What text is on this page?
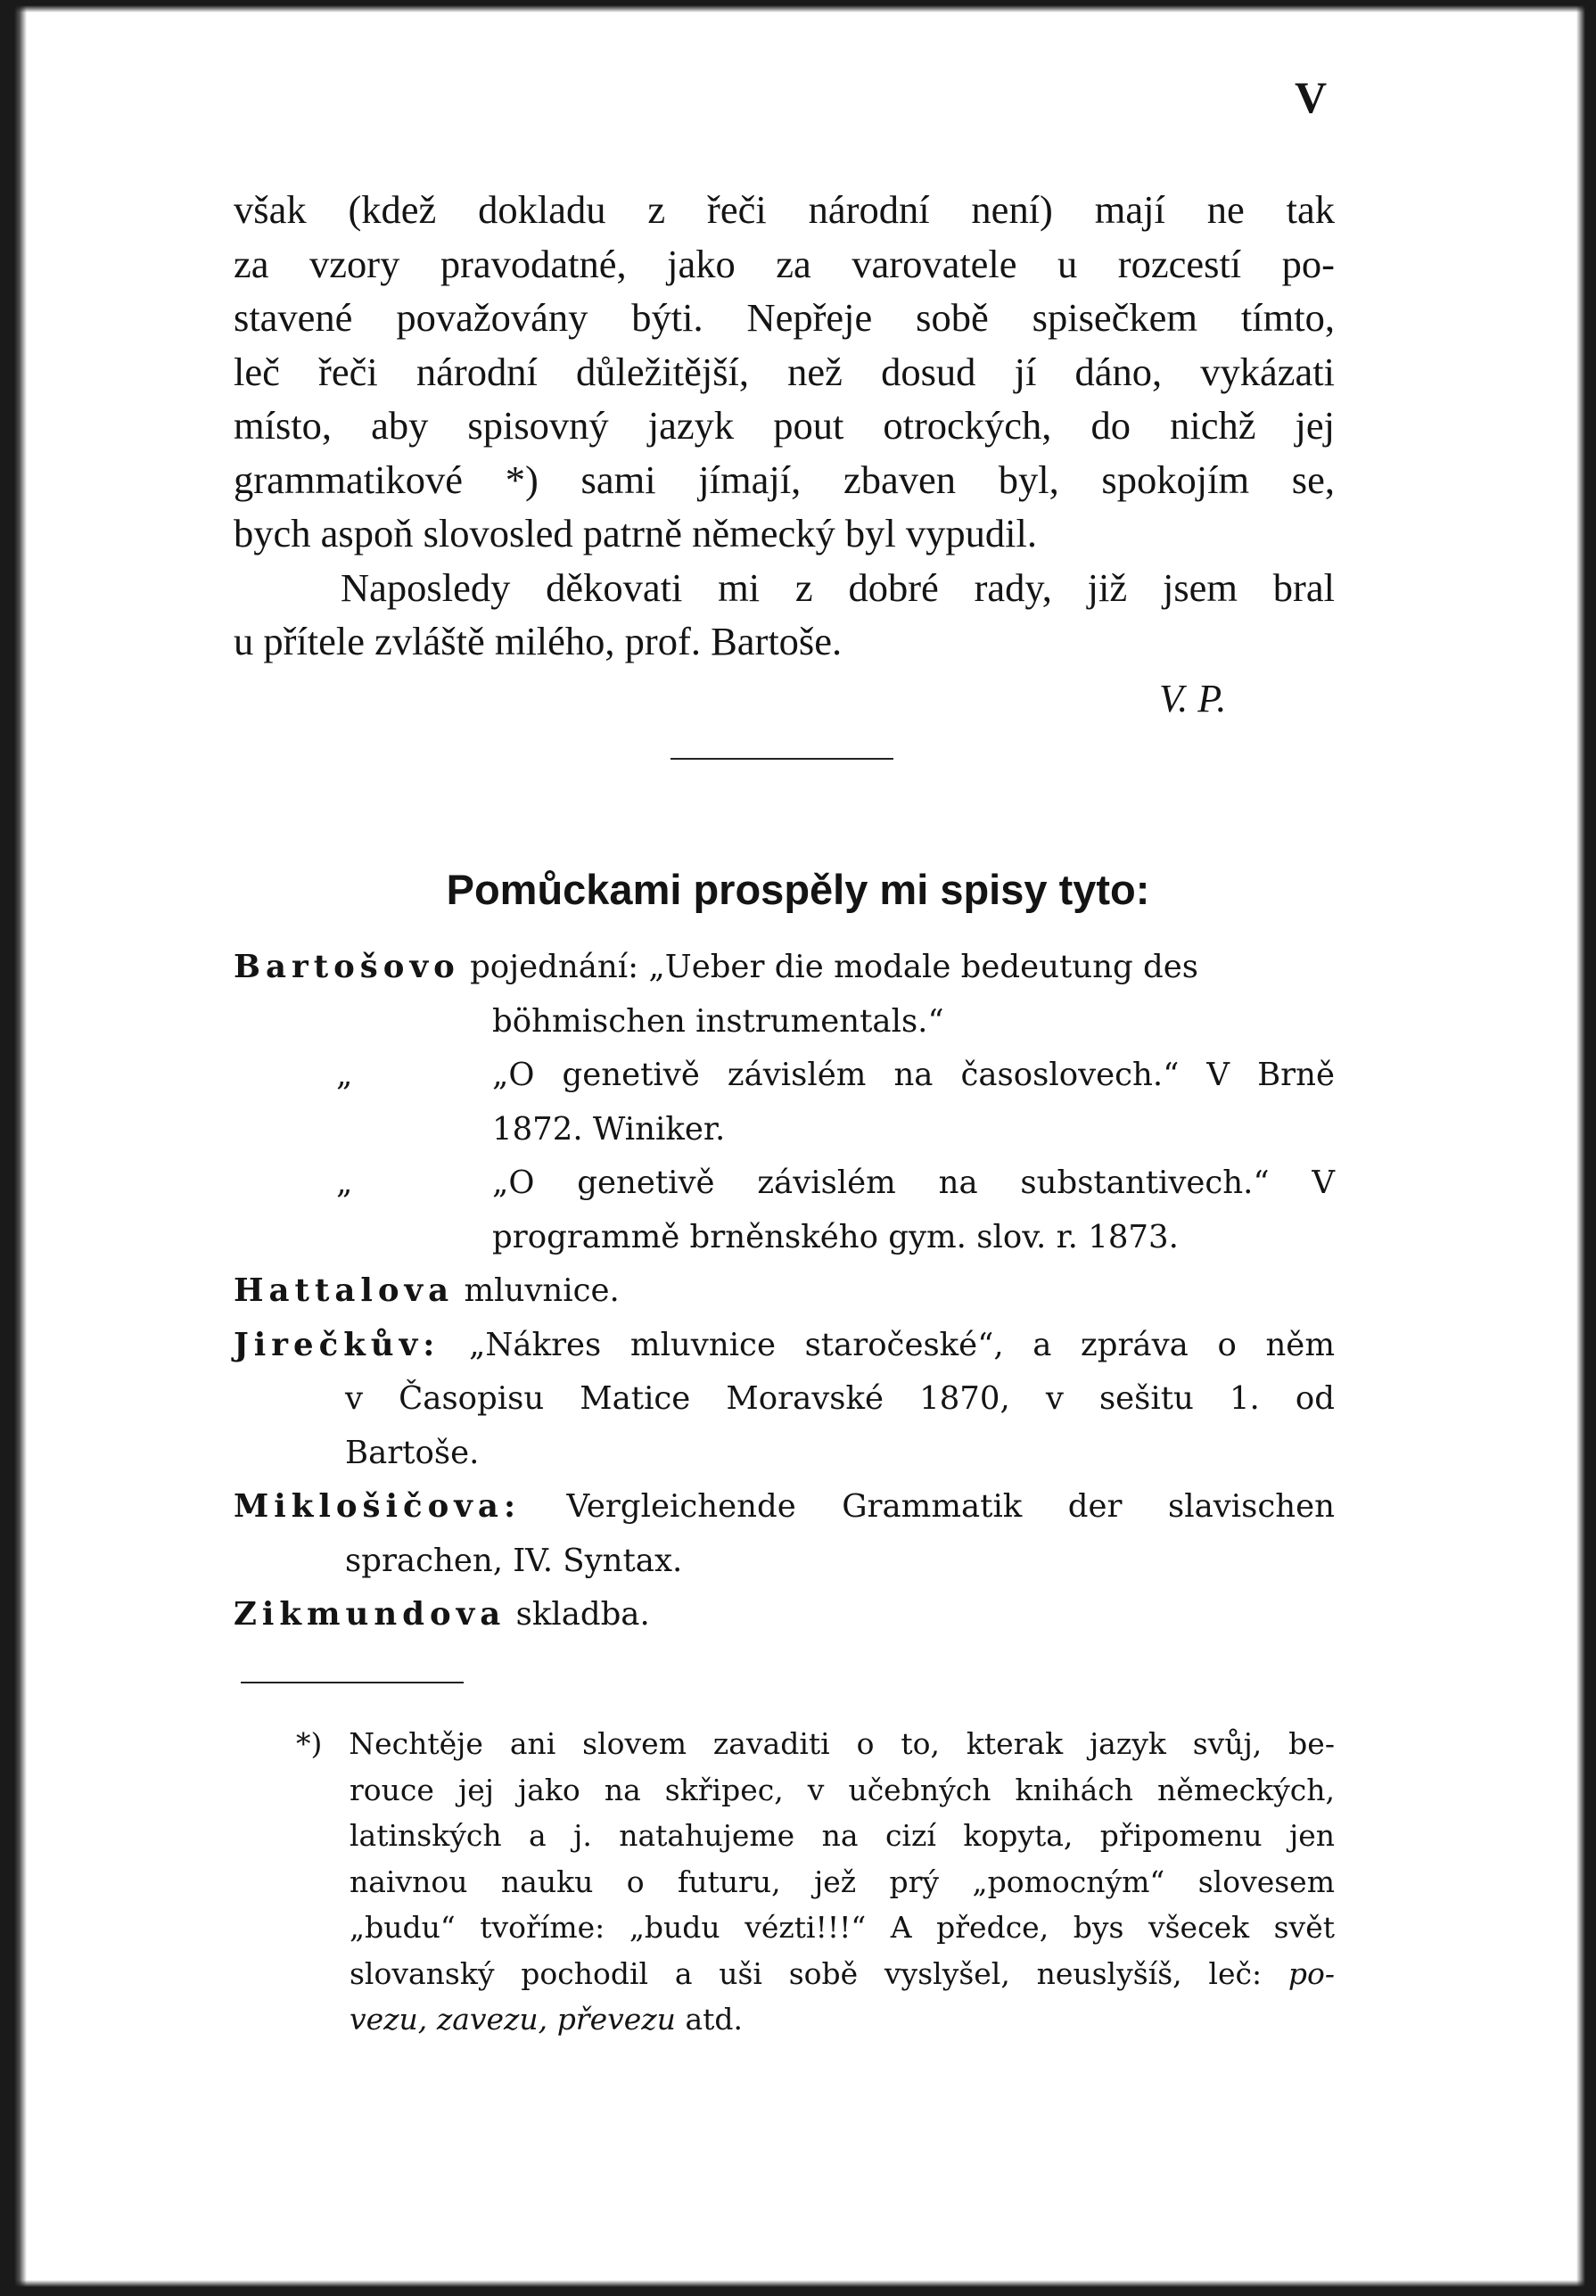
V
však (kdež dokladu z řeči národní není) mají ne tak
za vzory pravodatné, jako za varovatele u rozcestí po-
stavené považovány býti. Nepřeje sobě spisečkem tímto,
leč řeči národní důležitější, než dosud jí dáno, vykázati
místo, aby spisovný jazyk pout otrockých, do nichž jej
grammatikové *) sami jímají, zbaven byl, spokojím se,
bych aspoň slovosled patrně německý byl vypudil.
Naposledy děkovati mi z dobré rady, již jsem bral
u přítele zvláště milého, prof. Bartoše.
V. P.
Pomůckami prospěly mi spisy tyto:
Bartošovo pojednání: „Ueber die modale bedeutung des
böhmischen instrumentals.“
„	„O genetivě závislém na časoslovech.“ V Brně
1872. Winiker.
„	„O genetivě závislém na substantivech.“ V
programmě brněnského gym. slov. r. 1873.
Hattalova mluvnice.
Jirečkův: „Nákres mluvnice staročeské“, a zpráva o něm
v Časopisu Matice Moravské 1870, v sešitu 1. od
Bartoše.
Miklošičova: Vergleichende Grammatik der slavischen
sprachen, IV. Syntax.
Zikmundova skladba.
*) Nechtěje ani slovem zavaditi o to, kterak jazyk svůj, be-
rouce jej jako na skřipec, v učebných knihách německých,
latinských a j. natahujeme na cizí kopyta, připomenu jen
naivnou nauku o futuru, jež prý „pomocným“ slovesem
„budu“ tvoříme: „budu vézti!!!“ A předce, bys všecek svět
slovanský pochodil a uši sobě vyslyšel, neuslyšíš, leč: po-
vezu, zavezu, převezu atd.
